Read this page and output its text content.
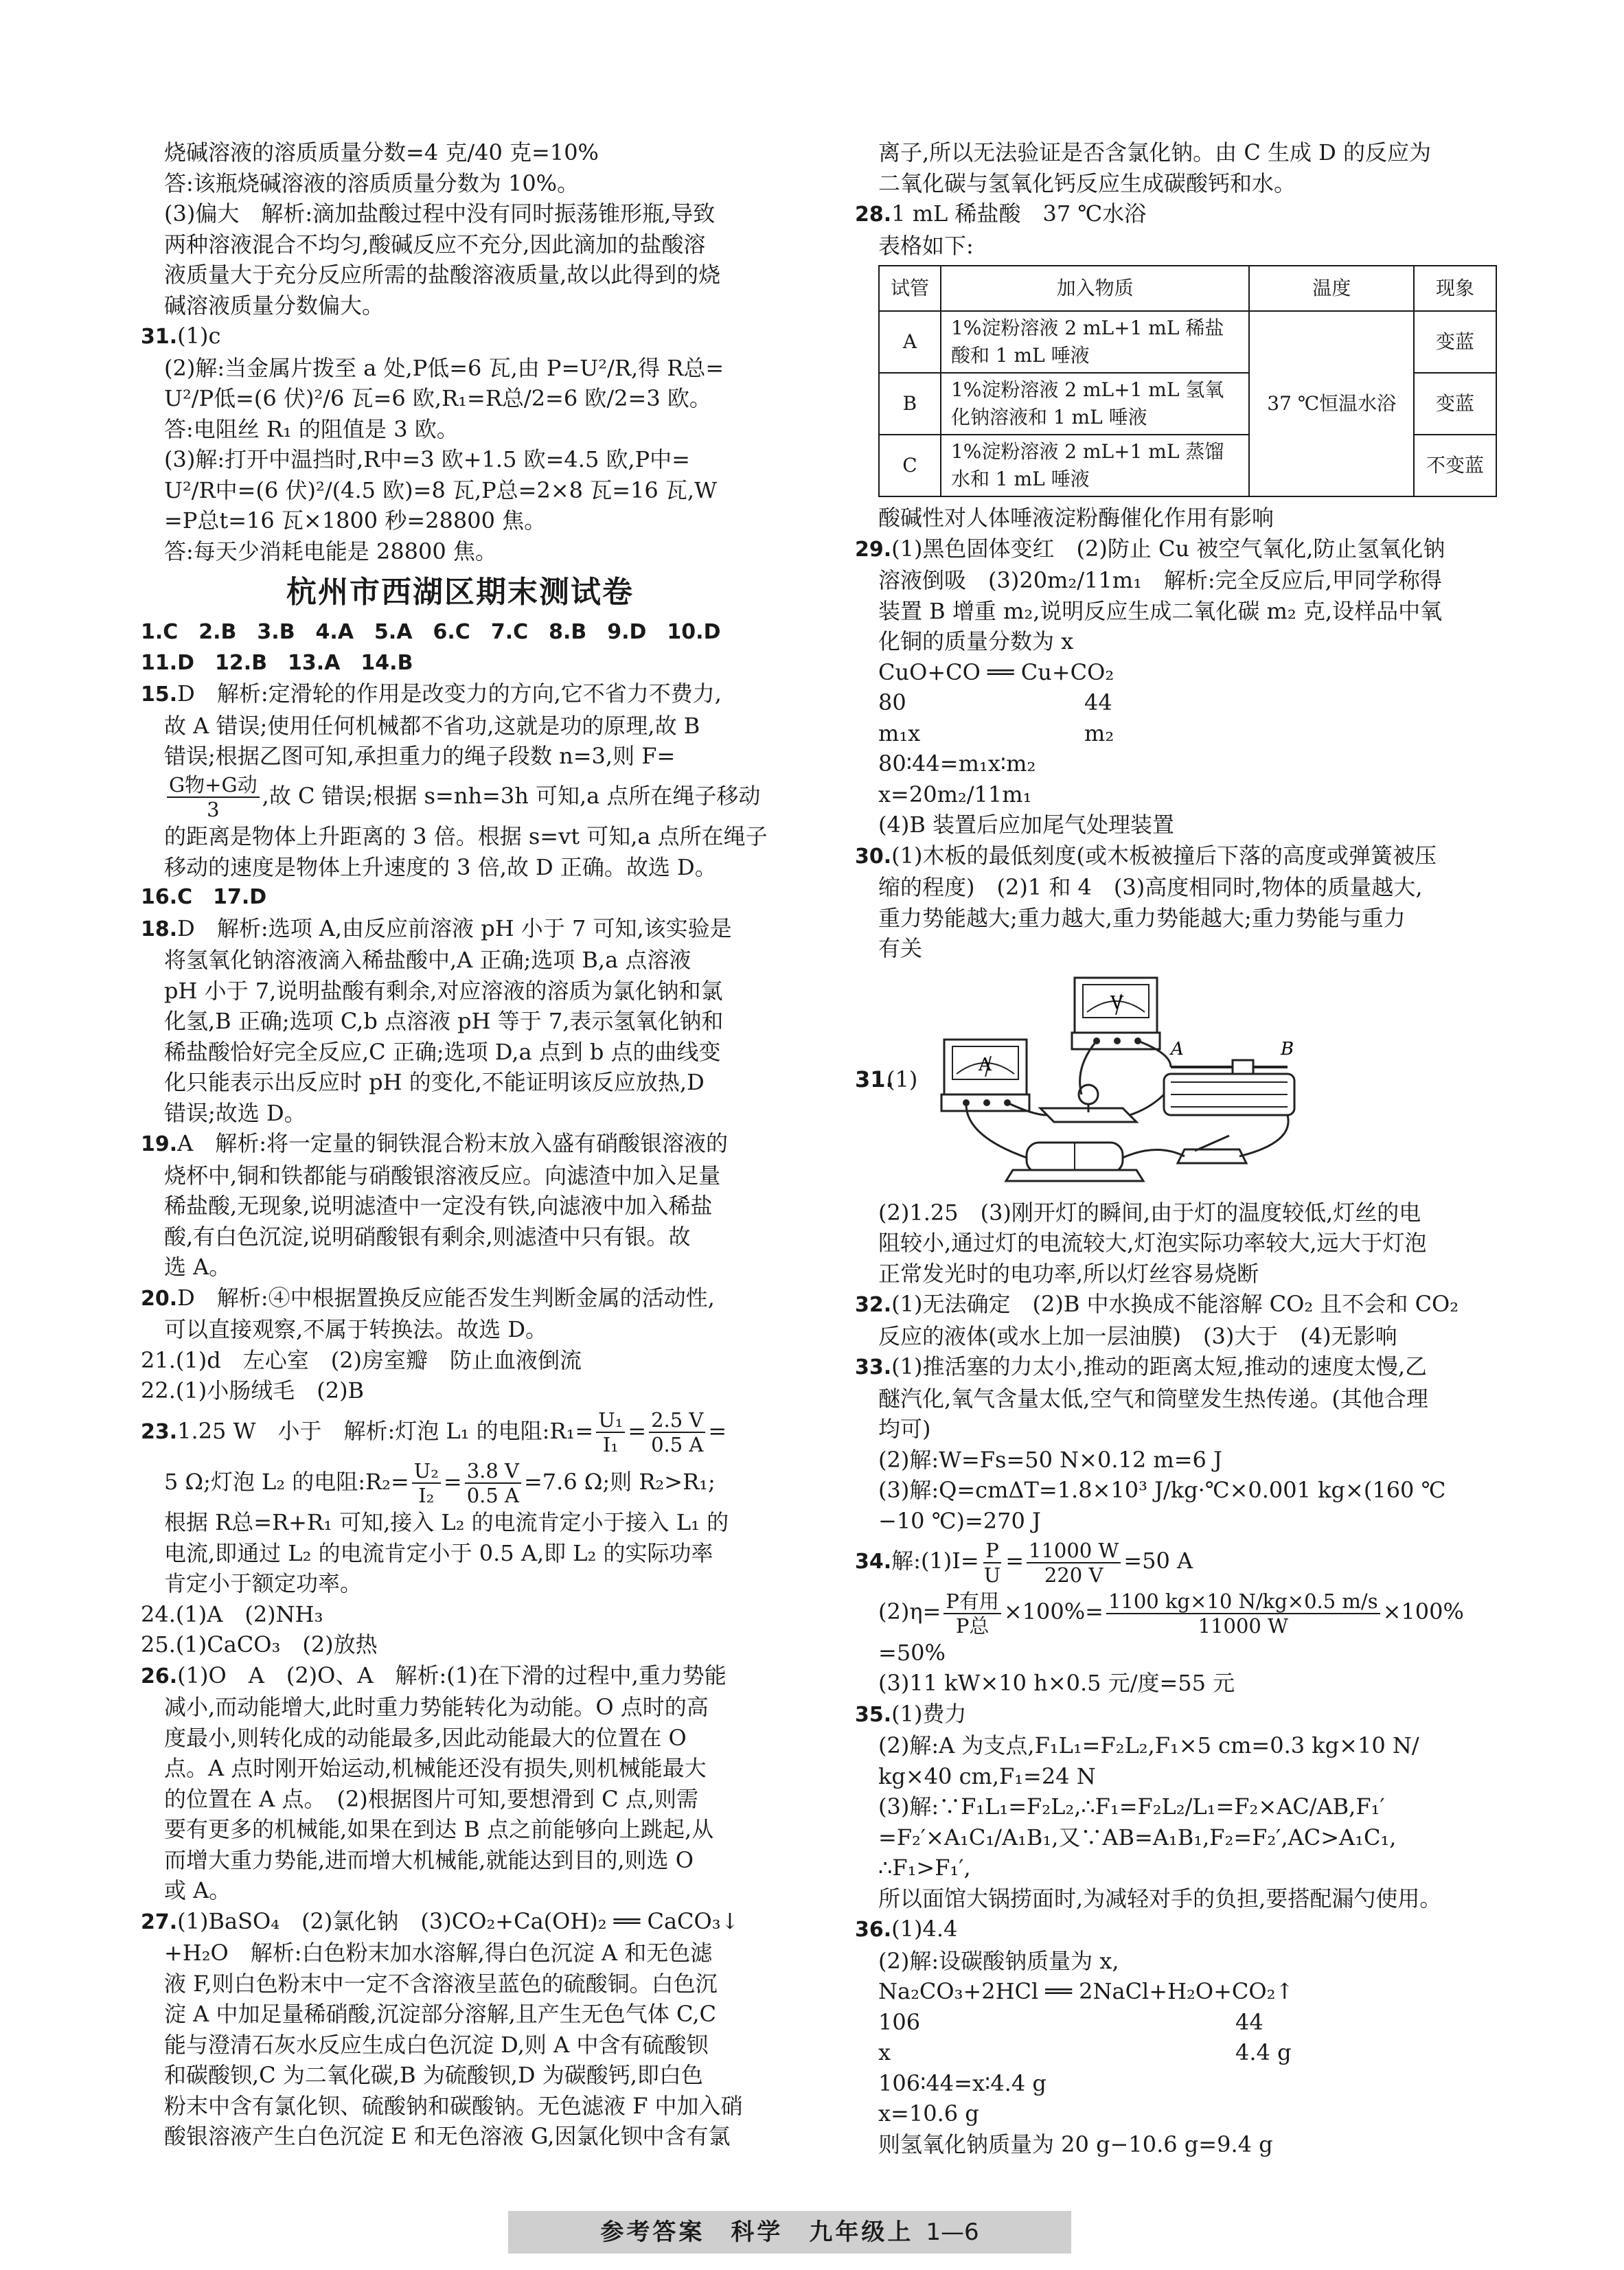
烧碱溶液的溶质质量分数=4 克/40 克=10%

答:该瓶烧碱溶液的溶质质量分数为 10%。

(3)偏大　解析:滴加盐酸过程中没有同时振荡锥形瓶,导致

两种溶液混合不均匀,酸碱反应不充分,因此滴加的盐酸溶

液质量大于充分反应所需的盐酸溶液质量,故以此得到的烧

碱溶液质量分数偏大。

31.(1)c

(2)解:当金属片拨至 a 处,P低=6 瓦,由 P=U²/R,得 R总=

U²/P低=(6 伏)²/6 瓦=6 欧,R₁=R总/2=6 欧/2=3 欧。

答:电阻丝 R₁ 的阻值是 3 欧。

(3)解:打开中温挡时,R中=3 欧+1.5 欧=4.5 欧,P中=

U²/R中=(6 伏)²/(4.5 欧)=8 瓦,P总=2×8 瓦=16 瓦,W

=P总t=16 瓦×1800 秒=28800 焦。

答:每天少消耗电能是 28800 焦。

杭州市西湖区期末测试卷

1.C　2.B　3.B　4.A　5.A　6.C　7.C　8.B　9.D　10.D

11.D　12.B　13.A　14.B

15.D　解析:定滑轮的作用是改变力的方向,它不省力不费力,

故 A 错误;使用任何机械都不省功,这就是功的原理,故 B

错误;根据乙图可知,承担重力的绳子段数 n=3,则 F=

$\frac{\text{G物+G动}}{3}$ ,故 C 错误;根据 s=nh=3h 可知,a 点所在绳子移动

的距离是物体上升距离的 3 倍。根据 s=vt 可知,a 点所在绳子

移动的速度是物体上升速度的 3 倍,故 D 正确。故选 D。

16.C　17.D

18.D　解析:选项 A,由反应前溶液 pH 小于 7 可知,该实验是

将氢氧化钠溶液滴入稀盐酸中,A 正确;选项 B,a 点溶液

pH 小于 7,说明盐酸有剩余,对应溶液的溶质为氯化钠和氯

化氢,B 正确;选项 C,b 点溶液 pH 等于 7,表示氢氧化钠和

稀盐酸恰好完全反应,C 正确;选项 D,a 点到 b 点的曲线变

化只能表示出反应时 pH 的变化,不能证明该反应放热,D

错误;故选 D。

19.A　解析:将一定量的铜铁混合粉末放入盛有硝酸银溶液的

烧杯中,铜和铁都能与硝酸银溶液反应。向滤渣中加入足量

稀盐酸,无现象,说明滤渣中一定没有铁,向滤液中加入稀盐

酸,有白色沉淀,说明硝酸银有剩余,则滤渣中只有银。故

选 A。

20.D　解析:④中根据置换反应能否发生判断金属的活动性,

可以直接观察,不属于转换法。故选 D。

21.(1)d　左心室　(2)房室瓣　防止血液倒流

22.(1)小肠绒毛　(2)B

23.1.25 W　小于　解析:灯泡 L₁ 的电阻:R₁= $\frac{\text{U₁}}{\text{I₁}} = \frac{2.5 V}{0.5 A}$ =

5 Ω;灯泡 L₂ 的电阻:R₂= $\frac{\text{U₂}}{\text{I₂}} = \frac{3.8 V}{0.5 A} =7.6$ Ω;则 R₂>R₁;

根据 R总=R+R₁ 可知,接入 L₂ 的电流肯定小于接入 L₁ 的

电流,即通过 L₂ 的电流肯定小于 0.5 A,即 L₂ 的实际功率

肯定小于额定功率。

24.(1)A　(2)NH₃

25.(1)CaCO₃　(2)放热

26.(1)O　A　(2)O、A　解析:(1)在下滑的过程中,重力势能

减小,而动能增大,此时重力势能转化为动能。O 点时的高

度最小,则转化成的动能最多,因此动能最大的位置在 O

点。A 点时刚开始运动,机械能还没有损失,则机械能最大

的位置在 A 点。　(2)根据图片可知,要想滑到 C 点,则需

要有更多的机械能,如果在到达 B 点之前能够向上跳起,从

而增大重力势能,进而增大机械能,就能达到目的,则选 O

或 A。

27.(1)BaSO₄　(2)氯化钠　(3)CO₂+Ca(OH)₂ ══ CaCO₃↓

+H₂O　解析:白色粉末加水溶解,得白色沉淀 A 和无色滤

液 F,则白色粉末中一定不含溶液呈蓝色的硫酸铜。白色沉

淀 A 中加足量稀硝酸,沉淀部分溶解,且产生无色气体 C,C

能与澄清石灰水反应生成白色沉淀 D,则 A 中含有硫酸钡

和碳酸钡,C 为二氧化碳,B 为硫酸钡,D 为碳酸钙,即白色

粉末中含有氯化钡、硫酸钠和碳酸钠。无色滤液 F 中加入硝

酸银溶液产生白色沉淀 E 和无色溶液 G,因氯化钡中含有氯

离子,所以无法验证是否含氯化钠。由 C 生成 D 的反应为

二氧化碳与氢氧化钙反应生成碳酸钙和水。

28.1 mL 稀盐酸　37 ℃水浴

表格如下:

试管	加入物质	温度	现象
A	1%淀粉溶液 2 mL+1 mL 稀盐
酸和 1 mL 唾液	37 ℃恒温水浴	变蓝
B	1%淀粉溶液 2 mL+1 mL 氢氧
化钠溶液和 1 mL 唾液		变蓝
C	1%淀粉溶液 2 mL+1 mL 蒸馏
水和 1 mL 唾液		不变蓝

酸碱性对人体唾液淀粉酶催化作用有影响

29.(1)黑色固体变红　(2)防止 Cu 被空气氧化,防止氢氧化钠

溶液倒吸　(3)20m₂/11m₁　解析:完全反应后,甲同学称得

装置 B 增重 m₂,说明反应生成二氧化碳 m₂ 克,设样品中氧

化铜的质量分数为 x

CuO+CO ══ Cu+CO₂

80	44

m₁x	m₂

80∶44=m₁x∶m₂

x=20m₂/11m₁

(4)B 装置后应加尾气处理装置

30.(1)木板的最低刻度(或木板被撞后下落的高度或弹簧被压

缩的程度)　(2)1 和 4　(3)高度相同时,物体的质量越大,

重力势能越大;重力越大,重力势能越大;重力势能与重力

有关

31.
(1)
V
A
A	B

(2)1.25　(3)刚开灯的瞬间,由于灯的温度较低,灯丝的电

阻较小,通过灯的电流较大,灯泡实际功率较大,远大于灯泡

正常发光时的电功率,所以灯丝容易烧断

32.(1)无法确定　(2)B 中水换成不能溶解 CO₂ 且不会和 CO₂

反应的液体(或水上加一层油膜)　(3)大于　(4)无影响

33.(1)推活塞的力太小,推动的距离太短,推动的速度太慢,乙

醚汽化,氧气含量太低,空气和筒壁发生热传递。(其他合理

均可)

(2)解:W=Fs=50 N×0.12 m=6 J

(3)解:Q=cmΔT=1.8×10³ J/kg·℃×0.001 kg×(160 ℃

−10 ℃)=270 J

34.解:(1)I= $\frac{P}{U} = \frac{11000 W}{220 V} =50$ A

$(2)\eta= \frac{\text{P有用}}{\text{P总}} \times 100\%= \frac{1100 kg\times 10 N/kg\times 0.5 m/s}{11000 W} \times 100\%$

=50%

(3)11 kW×10 h×0.5 元/度=55 元

35.(1)费力

(2)解:A 为支点,F₁L₁=F₂L₂,F₁×5 cm=0.3 kg×10 N/

kg×40 cm,F₁=24 N

(3)解:∵F₁L₁=F₂L₂,∴F₁=F₂L₂/L₁=F₂×AC/AB,F₁′

=F₂′×A₁C₁/A₁B₁,又∵AB=A₁B₁,F₂=F₂′,AC>A₁C₁,

∴F₁>F₁′,

所以面馆大锅捞面时,为减轻对手的负担,要搭配漏勺使用。

36.(1)4.4

(2)解:设碳酸钠质量为 x,

Na₂CO₃+2HCl ══ 2NaCl+H₂O+CO₂↑

106	44

x	4.4 g

106∶44=x∶4.4 g

x=10.6 g

则氢氧化钠质量为 20 g−10.6 g=9.4 g

参考答案　科学　九年级上 1—6
